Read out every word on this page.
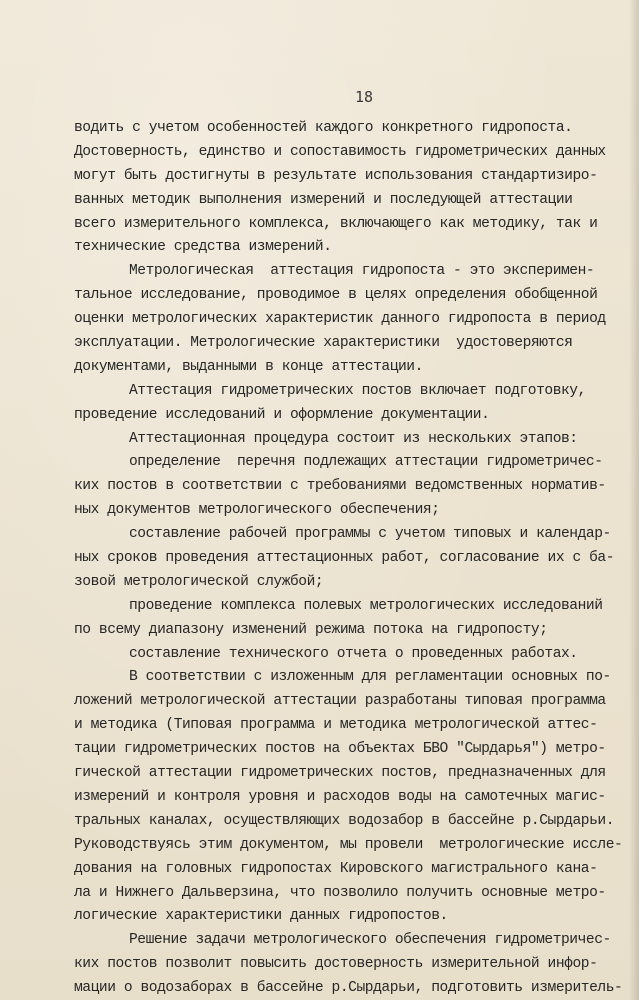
18
водить с учетом особенностей каждого конкретного гидропоста.
Достоверность, единство и сопоставимость гидрометрических данных
могут быть достигнуты в результате использования стандартизиро-
ванных методик выполнения измерений и последующей аттестации
всего измерительного комплекса, включающего как методику, так и
технические средства измерений.
Метрологическая  аттестация гидропоста - это эксперимен-
тальное исследование, проводимое в целях определения обобщенной
оценки метрологических характеристик данного гидропоста в период
эксплуатации. Метрологические характеристики  удостоверяются
документами, выданными в конце аттестации.
Аттестация гидрометрических постов включает подготовку,
проведение исследований и оформление документации.
Аттестационная процедура состоит из нескольких этапов:
определение  перечня подлежащих аттестации гидрометричес-
ких постов в соответствии с требованиями ведомственных норматив-
ных документов метрологического обеспечения;
составление рабочей программы с учетом типовых и календар-
ных сроков проведения аттестационных работ, согласование их с ба-
зовой метрологической службой;
проведение комплекса полевых метрологических исследований
по всему диапазону изменений режима потока на гидропосту;
составление технического отчета о проведенных работах.
В соответствии с изложенным для регламентации основных по-
ложений метрологической аттестации разработаны типовая программа
и методика (Типовая программа и методика метрологической аттес-
тации гидрометрических постов на объектах БВО "Сырдарья") метро-
гической аттестации гидрометрических постов, предназначенных для
измерений и контроля уровня и расходов воды на самотечных магис-
тральных каналах, осуществляющих водозабор в бассейне р.Сырдарьи.
Руководствуясь этим документом, мы провели  метрологические иссле-
дования на головных гидропостах Кировского магистрального кана-
ла и Нижнего Дальверзина, что позволило получить основные метро-
логические характеристики данных гидропостов.
Решение задачи метрологического обеспечения гидрометричес-
ких постов позволит повысить достоверность измерительной инфор-
мации о водозаборах в бассейне р.Сырдарьи, подготовить измеритель-
